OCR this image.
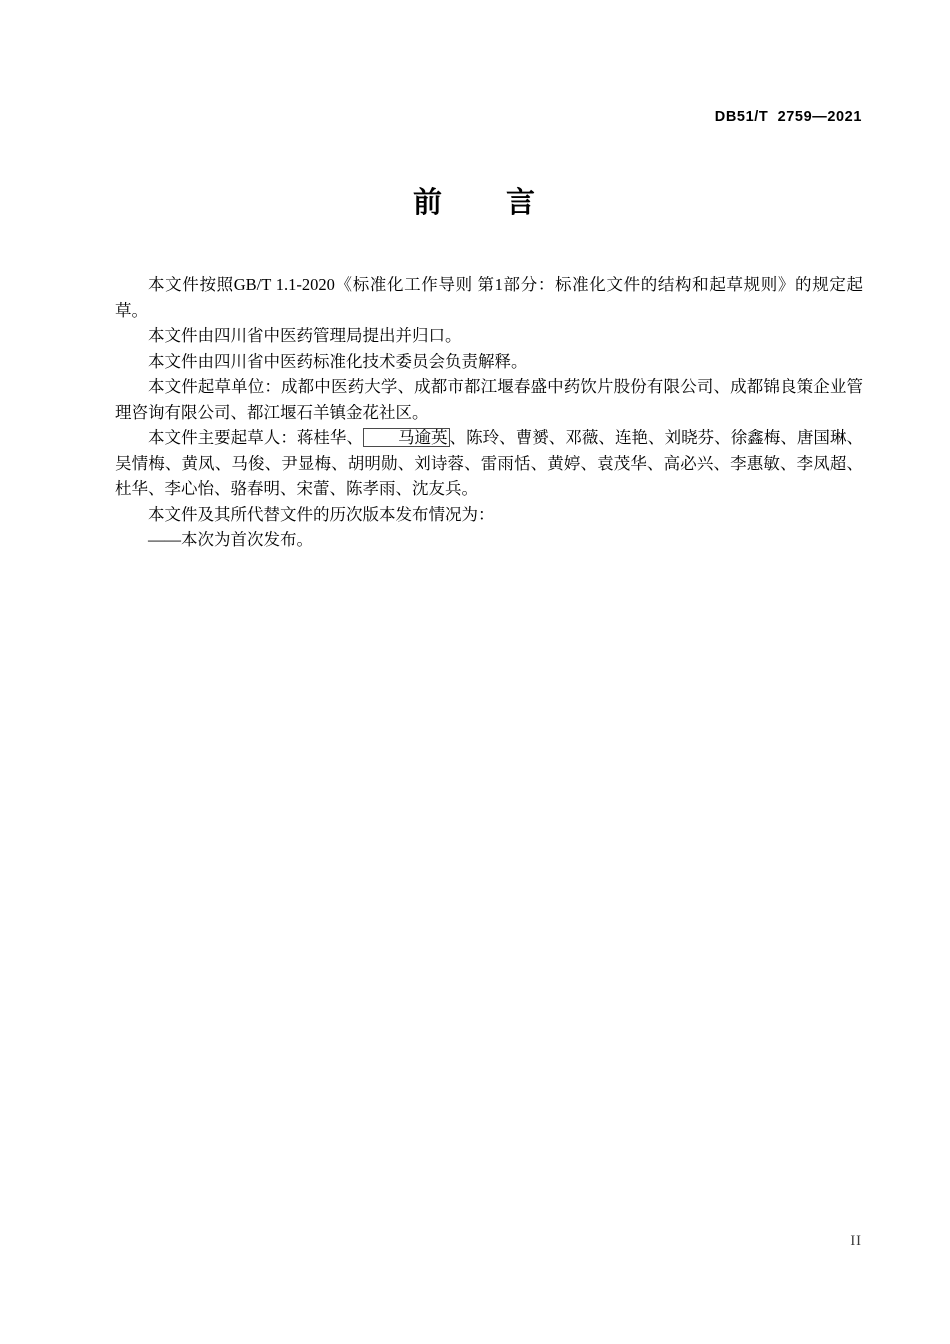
DB51/T  2759—2021
前　　言

本文件按照GB/T 1.1-2020《标准化工作导则 第1部分：标准化文件的结构和起草规则》的规定起草。

本文件由四川省中医药管理局提出并归口。

本文件由四川省中医药标准化技术委员会负责解释。

本文件起草单位：成都中医药大学、成都市都江堰春盛中药饮片股份有限公司、成都锦良策企业管理咨询有限公司、都江堰石羊镇金花社区。

本文件主要起草人：蒋桂华、 马逾英 、陈玲、曹赟、邓薇、连艳、刘晓芬、徐鑫梅、唐国琳、吴情梅、黄凤、马俊、尹显梅、胡明勋、刘诗蓉、雷雨恬、黄婷、袁茂华、高必兴、李惠敏、李凤超、杜华、李心怡、骆春明、宋蕾、陈孝雨、沈友兵。

本文件及其所代替文件的历次版本发布情况为：

——本次为首次发布。

II
